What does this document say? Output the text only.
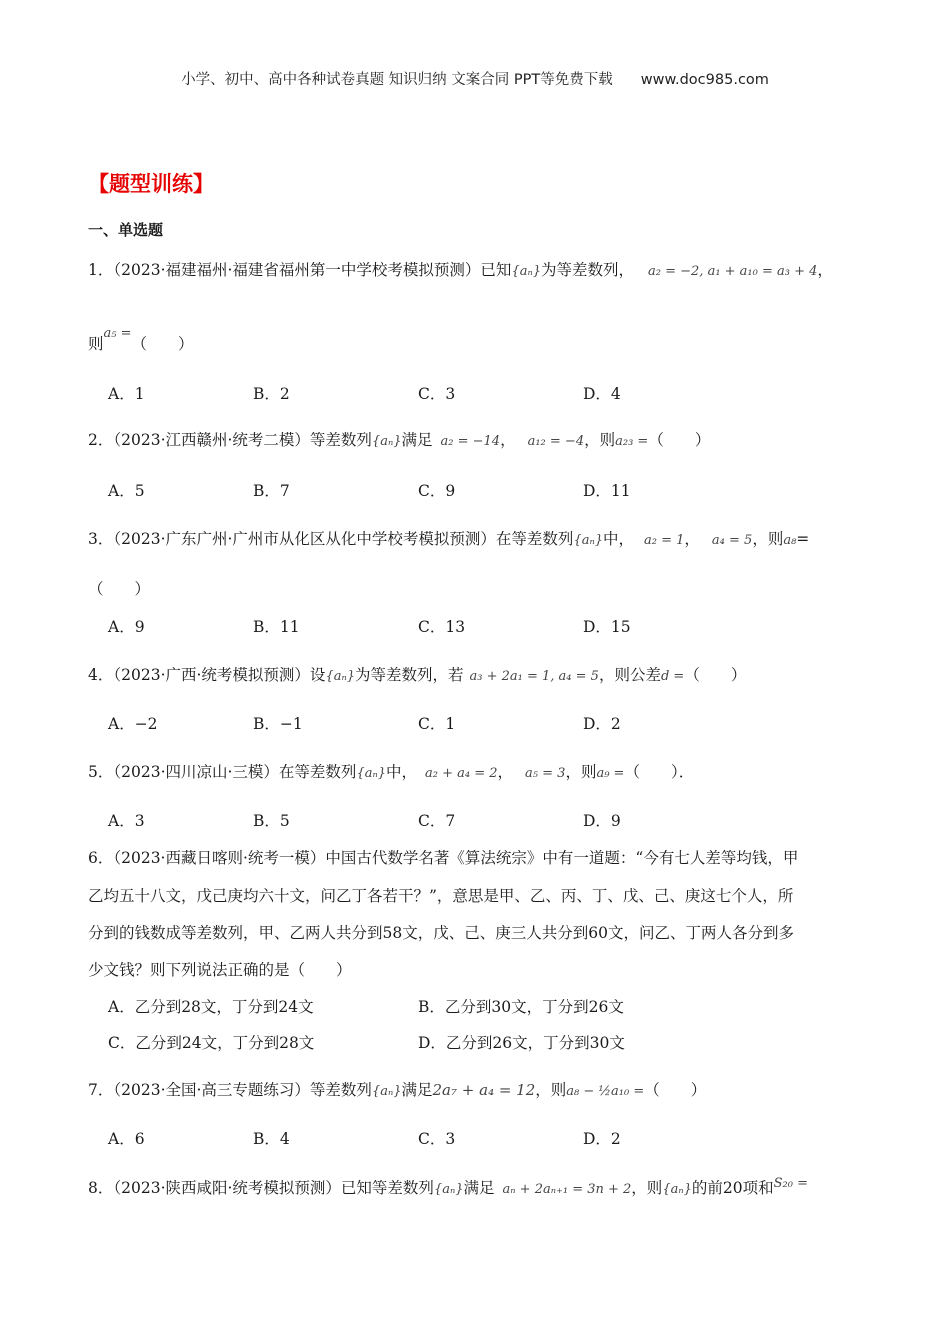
小学、初中、高中各种试卷真题 知识归纳 文案合同 PPT等免费下载 www.doc985.com
【题型训练】
一、单选题
1．（2023·福建福州·福建省福州第一中学校考模拟预测）已知{aₙ}为等差数列， a₂ = −2, a₁ + a₁₀ = a₃ + 4，
则$^{a_5 =}$（　　）
A．1	B．2	C．3	D．4
2．（2023·江西赣州·统考二模）等差数列{aₙ}满足 a₂ = −14， a₁₂ = −4，则a₂₃ =（　　）
A．5	B．7	C．9	D．11
3．（2023·广东广州·广州市从化区从化中学校考模拟预测）在等差数列{aₙ}中， a₂ = 1， a₄ = 5，则a₈=
（　　）
A．9	B．11	C．13	D．15
4．（2023·广西·统考模拟预测）设{aₙ}为等差数列，若 a₃ + 2a₁ = 1, a₄ = 5，则公差d =（　　）
A．−2	B．−1	C．1	D．2
5．（2023·四川凉山·三模）在等差数列{aₙ}中， a₂ + a₄ = 2， a₅ = 3，则a₉ =（　　）．
A．3	B．5	C．7	D．9
6．（2023·西藏日喀则·统考一模）中国古代数学名著《算法统宗》中有一道题：“今有七人差等均钱，甲
乙均五十八文，戊己庚均六十文，问乙丁各若干？”，意思是甲、乙、丙、丁、戊、己、庚这七个人，所
分到的钱数成等差数列，甲、乙两人共分到58文，戊、己、庚三人共分到60文，问乙、丁两人各分到多
少文钱？则下列说法正确的是（　　）
A．乙分到28文，丁分到24文	B．乙分到30文，丁分到26文
C．乙分到24文，丁分到28文	D．乙分到26文，丁分到30文
7．（2023·全国·高三专题练习）等差数列{aₙ}满足2a₇ + a₄ = 12，则a₈ − ½a₁₀ =（　　）
A．6	B．4	C．3	D．2
8．（2023·陕西咸阳·统考模拟预测）已知等差数列{aₙ}满足 aₙ + 2aₙ₊₁ = 3n + 2，则{aₙ}的前20项和$^{S_{20} =}$
